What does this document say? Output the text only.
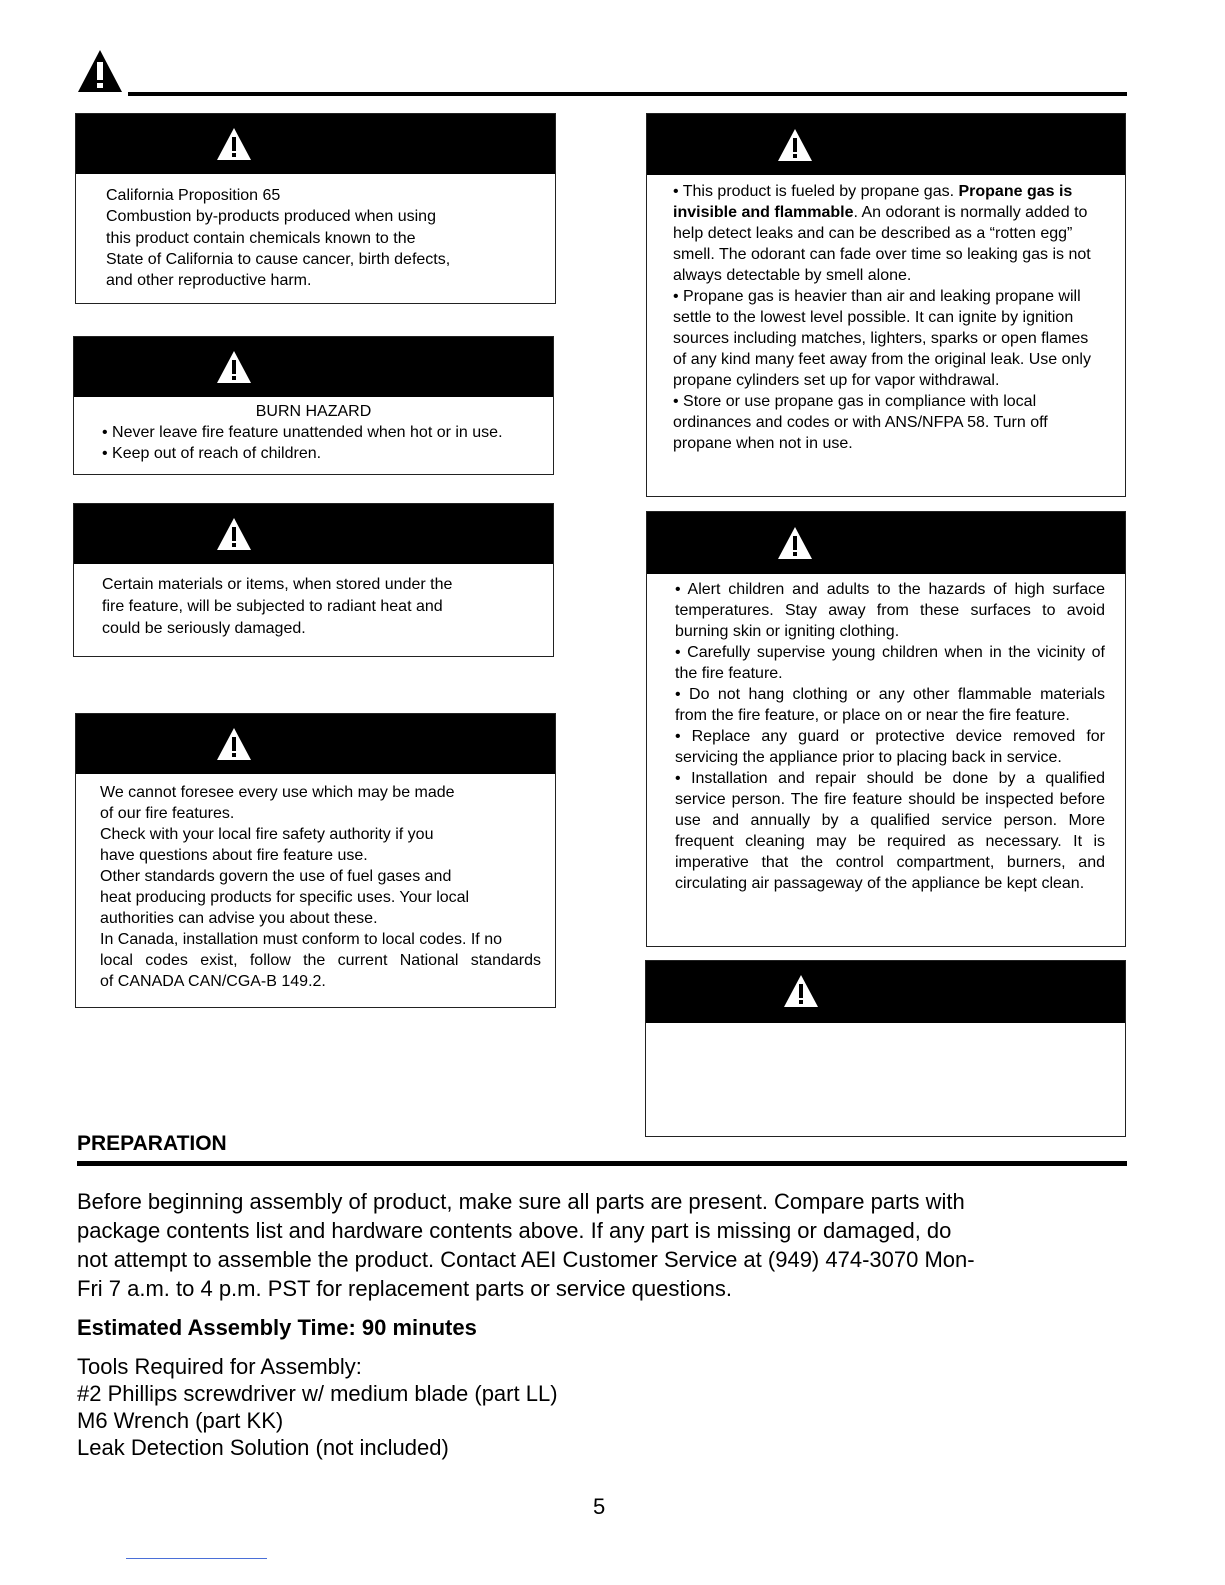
California Proposition 65

Combustion by-products produced when using

this product contain chemicals known to the

State of California to cause cancer, birth defects,

and other reproductive harm.

BURN HAZARD

• Never leave fire feature unattended when hot or in use.

• Keep out of reach of children.

Certain materials or items, when stored under the

fire feature, will be subjected to radiant heat and

could be seriously damaged.

We cannot foresee every use which may be made

of our fire features.

Check with your local fire safety authority if you

have questions about fire feature use.

Other standards govern the use of fuel gases and

heat producing products for specific uses. Your local

authorities can advise you about these.

In Canada, installation must conform to local codes. If no

local codes exist, follow the current National standards

of CANADA CAN/CGA-B 149.2.

• This product is fueled by propane gas. Propane gas is invisible and flammable. An odorant is normally added to help detect leaks and can be described as a “rotten egg” smell. The odorant can fade over time so leaking gas is not always detectable by smell alone.

• Propane gas is heavier than air and leaking propane will settle to the lowest level possible. It can ignite by ignition sources including matches, lighters, sparks or open flames of any kind many feet away from the original leak. Use only propane cylinders set up for vapor withdrawal.

• Store or use propane gas in compliance with local ordinances and codes or with ANS/NFPA 58. Turn off propane when not in use.

• Alert children and adults to the hazards of high surface temperatures. Stay away from these surfaces to avoid burning skin or igniting clothing.

• Carefully supervise young children when in the vicinity of the fire feature.

• Do not hang clothing or any other flammable materials from the fire feature, or place on or near the fire feature.

• Replace any guard or protective device removed for servicing the appliance prior to placing back in service.

• Installation and repair should be done by a qualified service person. The fire feature should be inspected before use and annually by a qualified service person. More frequent cleaning may be required as necessary. It is imperative that the control compartment, burners, and circulating air passageway of the appliance be kept clean.

PREPARATION
Before beginning assembly of product, make sure all parts are present. Compare parts with
package contents list and hardware contents above. If any part is missing or damaged, do
not attempt to assemble the product. Contact AEI Customer Service at (949) 474-3070 Mon-
Fri 7 a.m. to 4 p.m. PST for replacement parts or service questions.
Estimated Assembly Time: 90 minutes
Tools Required for Assembly:
#2 Phillips screwdriver w/ medium blade (part LL)
M6 Wrench (part KK)
Leak Detection Solution (not included)
5
